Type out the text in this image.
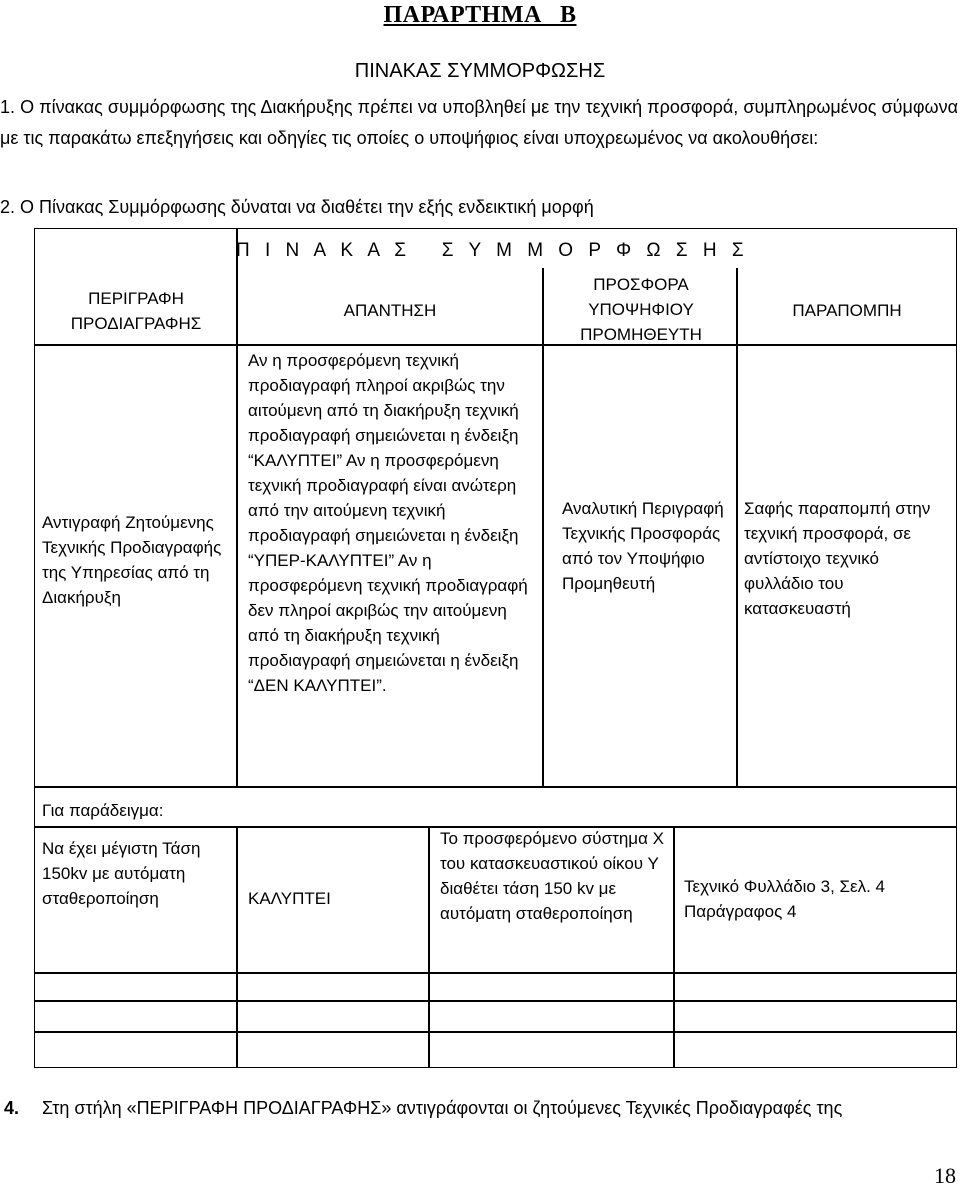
ΠΑΡΑΡΤΗΜΑ   Β
ΠΙΝΑΚΑΣ ΣΥΜΜΟΡΦΩΣΗΣ
1. Ο πίνακας συμμόρφωσης της Διακήρυξης πρέπει να υποβληθεί με την τεχνική προσφορά, συμπληρωμένος σύμφωνα με τις παρακάτω επεξηγήσεις και οδηγίες τις οποίες ο υποψήφιος είναι υποχρεωμένος να ακολουθήσει:
2. Ο Πίνακας Συμμόρφωσης δύναται να διαθέτει την εξής ενδεικτική μορφή
Π Ι Ν Α Κ Α Σ   Σ Υ Μ Μ Ο Ρ Φ Ω Σ Η Σ
ΠΕΡΙΓΡΑΦΗ ΠΡΟΔΙΑΓΡΑΦΗΣ
ΑΠΑΝΤΗΣΗ
ΠΡΟΣΦΟΡΑ ΥΠΟΨΗΦΙΟΥ ΠΡΟΜΗΘΕΥΤΗ
ΠΑΡΑΠΟΜΠΗ
Αντιγραφή Ζητούμενης Τεχνικής Προδιαγραφής της Υπηρεσίας από τη Διακήρυξη
Αν η προσφερόμενη τεχνική προδιαγραφή πληροί ακριβώς την αιτούμενη από τη διακήρυξη τεχνική προδιαγραφή σημειώνεται η ένδειξη “ΚΑΛΥΠΤΕΙ” Αν η προσφερόμενη τεχνική προδιαγραφή είναι ανώτερη από την αιτούμενη τεχνική προδιαγραφή σημειώνεται η ένδειξη “ΥΠΕΡ-ΚΑΛΥΠΤΕΙ” Αν η προσφερόμενη τεχνική προδιαγραφή δεν πληροί ακριβώς την αιτούμενη από τη διακήρυξη τεχνική προδιαγραφή σημειώνεται η ένδειξη “ΔΕΝ ΚΑΛΥΠΤΕΙ”.
Αναλυτική Περιγραφή Τεχνικής Προσφοράς από τον Υποψήφιο Προμηθευτή
Σαφής παραπομπή στην τεχνική προσφορά, σε αντίστοιχο τεχνικό φυλλάδιο του κατασκευαστή
Για παράδειγμα:
Να έχει μέγιστη Τάση 150kv με αυτόματη σταθεροποίηση	ΚΑΛΥΠΤΕΙ
Το προσφερόμενο σύστημα Χ του κατασκευαστικού οίκου Υ διαθέτει τάση 150 kv με αυτόματη σταθεροποίηση
Τεχνικό Φυλλάδιο 3, Σελ. 4 Παράγραφος 4
4. Στη στήλη «ΠΕΡΙΓΡΑΦΗ ΠΡΟΔΙΑΓΡΑΦΗΣ» αντιγράφονται οι ζητούμενες Τεχνικές Προδιαγραφές της
18
